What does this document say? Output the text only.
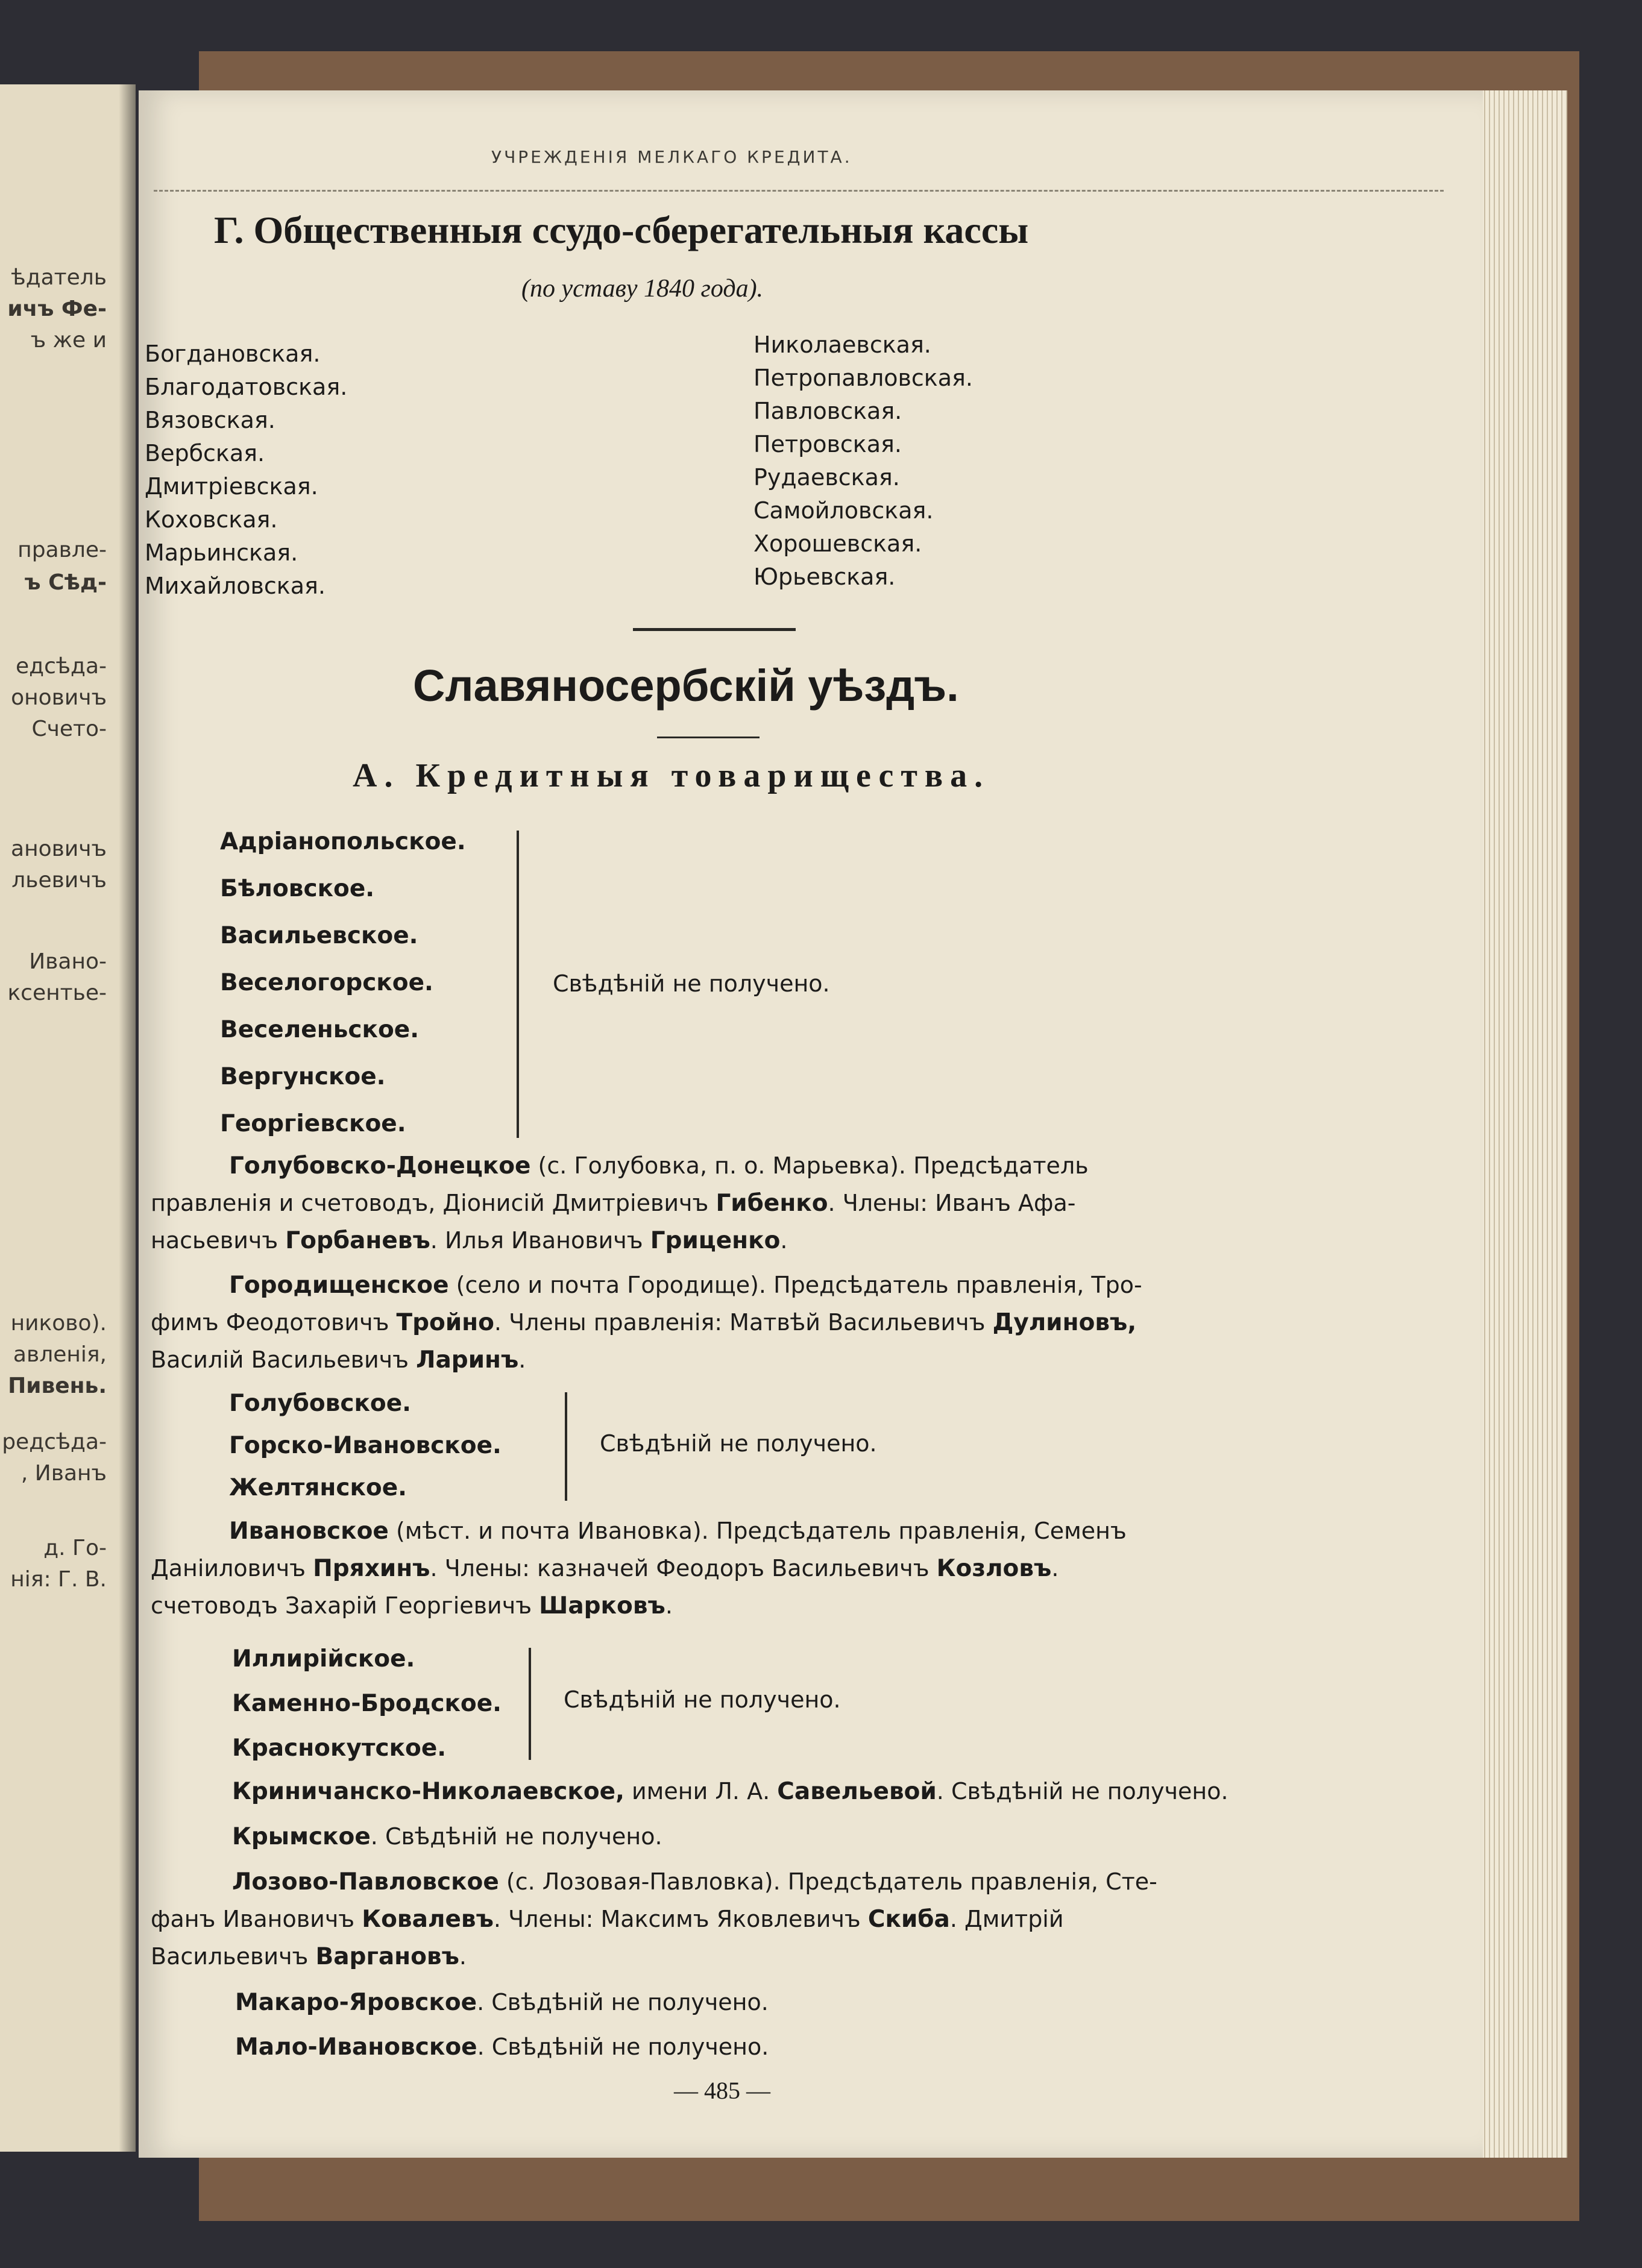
ѣдатель
ичъ Фе-
ъ же и
правле-
ъ Сѣд-
едсѣда-
оновичъ
Счето-
ановичъ
льевичъ
Ивано-
ксентье-
никово).
авленія,
Пивень.
редсѣда-
, Иванъ
д. Го-
нія: Г. В.
УЧРЕЖДЕНІЯ МЕЛКАГО КРЕДИТА.
Г. Общественныя ссудо-сберегательныя кассы
(по уставу 1840 года).
Богдановская.
Благодатовская.
Вязовская.
Вербская.
Дмитріевская.
Коховская.
Марьинская.
Михайловская.
Николаевская.
Петропавловская.
Павловская.
Петровская.
Рудаевская.
Самойловская.
Хорошевская.
Юрьевская.
Славяносербскій уѣздъ.
А. Кредитныя товарищества.
Адріанопольское.
Бѣловское.
Васильевское.
Веселогорское.
Веселеньское.
Вергунское.
Георгіевское.
Свѣдѣній не получено.
Голубовско-Донецкое (с. Голубовка, п. о. Марьевка). Предсѣдатель
правленія и счетоводъ, Діонисій Дмитріевичъ Гибенко. Члены: Иванъ Афа-
насьевичъ Горбаневъ. Илья Ивановичъ Гриценко.
Городищенское (село и почта Городище). Предсѣдатель правленія, Тро-
фимъ Феодотовичъ Тройно. Члены правленія: Матвѣй Васильевичъ Дулиновъ,
Василій Васильевичъ Ларинъ.
Голубовское.
Горско-Ивановское.
Желтянское.
Свѣдѣній не получено.
Ивановское (мѣст. и почта Ивановка). Предсѣдатель правленія, Семенъ
Даніиловичъ Пряхинъ. Члены: казначей Феодоръ Васильевичъ Козловъ.
счетоводъ Захарій Георгіевичъ Шарковъ.
Иллирійское.
Каменно-Бродское.
Краснокутское.
Свѣдѣній не получено.
Криничанско-Николаевское, имени Л. А. Савельевой. Свѣдѣній не получено.
Крымское. Свѣдѣній не получено.
Лозово-Павловское (с. Лозовая-Павловка). Предсѣдатель правленія, Сте-
фанъ Ивановичъ Ковалевъ. Члены: Максимъ Яковлевичъ Скиба. Дмитрій
Васильевичъ Варгановъ.
Макаро-Яровское. Свѣдѣній не получено.
Мало-Ивановское. Свѣдѣній не получено.
— 485 —
